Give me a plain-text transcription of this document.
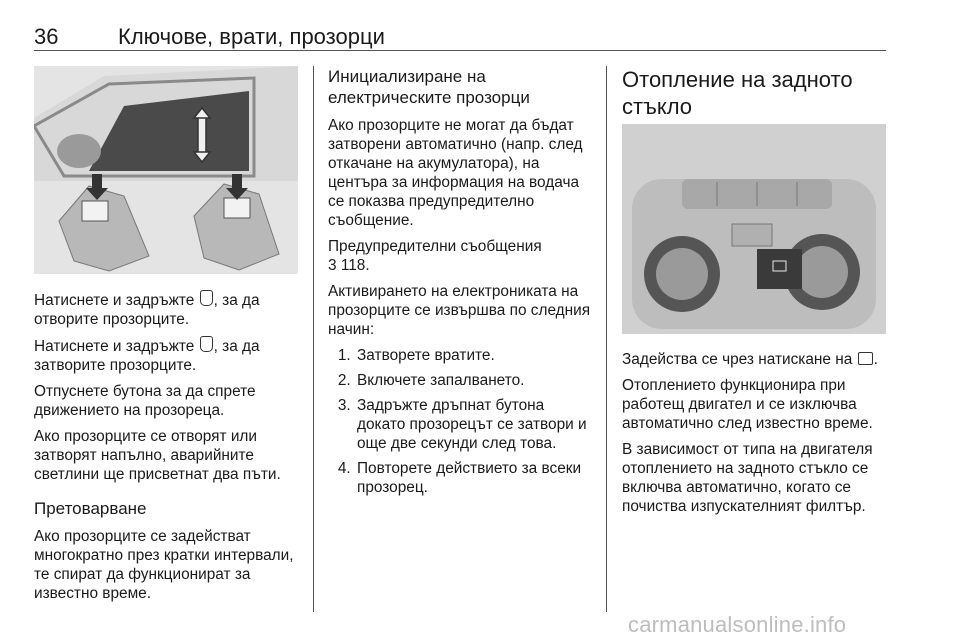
36	Ключове, врати, прозорци

Натиснете и задръжте , за да отворите прозорците.

Натиснете и задръжте , за да затворите прозорците.

Отпуснете бутона за да спрете движението на прозореца.

Ако прозорците се отворят или затворят напълно, аварийните светлини ще присветнат два пъти.

Претоварване

Ако прозорците се задействат многократно през кратки интервали, те спират да функционират за известно време.

Инициализиране на електрическите прозорци

Ако прозорците не могат да бъдат затворени автоматично (напр. след откачане на акумулатора), на центъра за информация на водача се показва предупредително съобщение.

Предупредителни съобщения
3 118.

Активирането на електрониката на прозорците се извършва по следния начин:

1. Затворете вратите.
2. Включете запалването.
3. Задръжте дръпнат бутона докато прозорецът се затвори и още две секунди след това.
4. Повторете действието за всеки прозорец.
Отопление на задното стъкло

Задейства се чрез натискане на .

Отоплението функционира при работещ двигател и се изключва автоматично след известно време.

В зависимост от типа на двигателя отоплението на задното стъкло се включва автоматично, когато се почиства изпускателният филтър.

carmanualsonline.info
